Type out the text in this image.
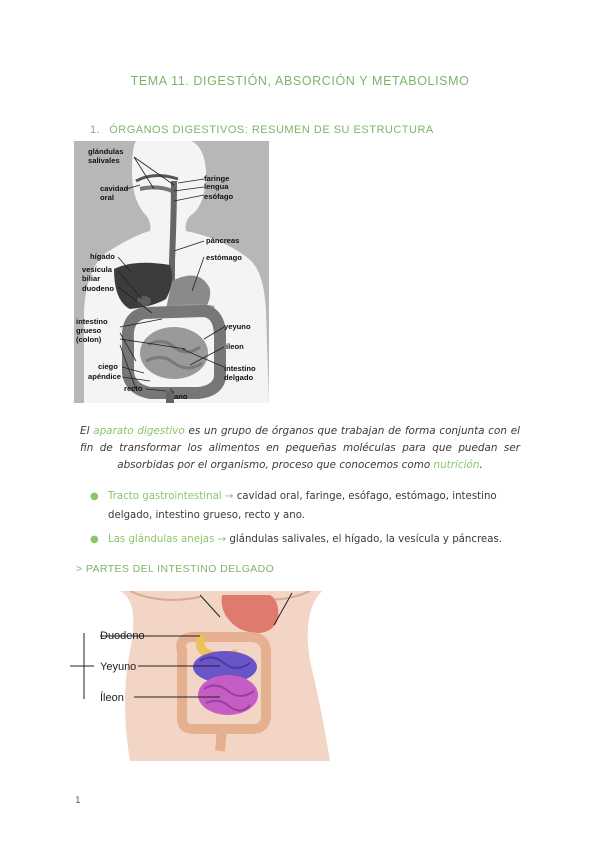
TEMA 11. DIGESTIÓN, ABSORCIÓN Y METABOLISMO
1. ÓRGANOS DIGESTIVOS: RESUMEN DE SU ESTRUCTURA
glándulas
salivales
cavidad
oral
faringe
lengua
esófago
páncreas
estómago
hígado
vesícula
biliar
duodeno
intestino
grueso
(colon)
yeyuno
íleon
intestino
delgado
ciego
apéndice
recto
ano
El aparato digestivo es un grupo de órganos que trabajan de forma conjunta con el fin de transformar los alimentos en pequeñas moléculas para que puedan ser absorbidas por el organismo, proceso que conocemos como nutrición.
● Tracto gastrointestinal → cavidad oral, faringe, esófago, estómago, intestino delgado, intestino grueso, recto y ano.
● Las glándulas anejas → glándulas salivales, el hígado, la vesícula y páncreas.
> PARTES DEL INTESTINO DELGADO
Duodeno
Yeyuno
Íleon
1
